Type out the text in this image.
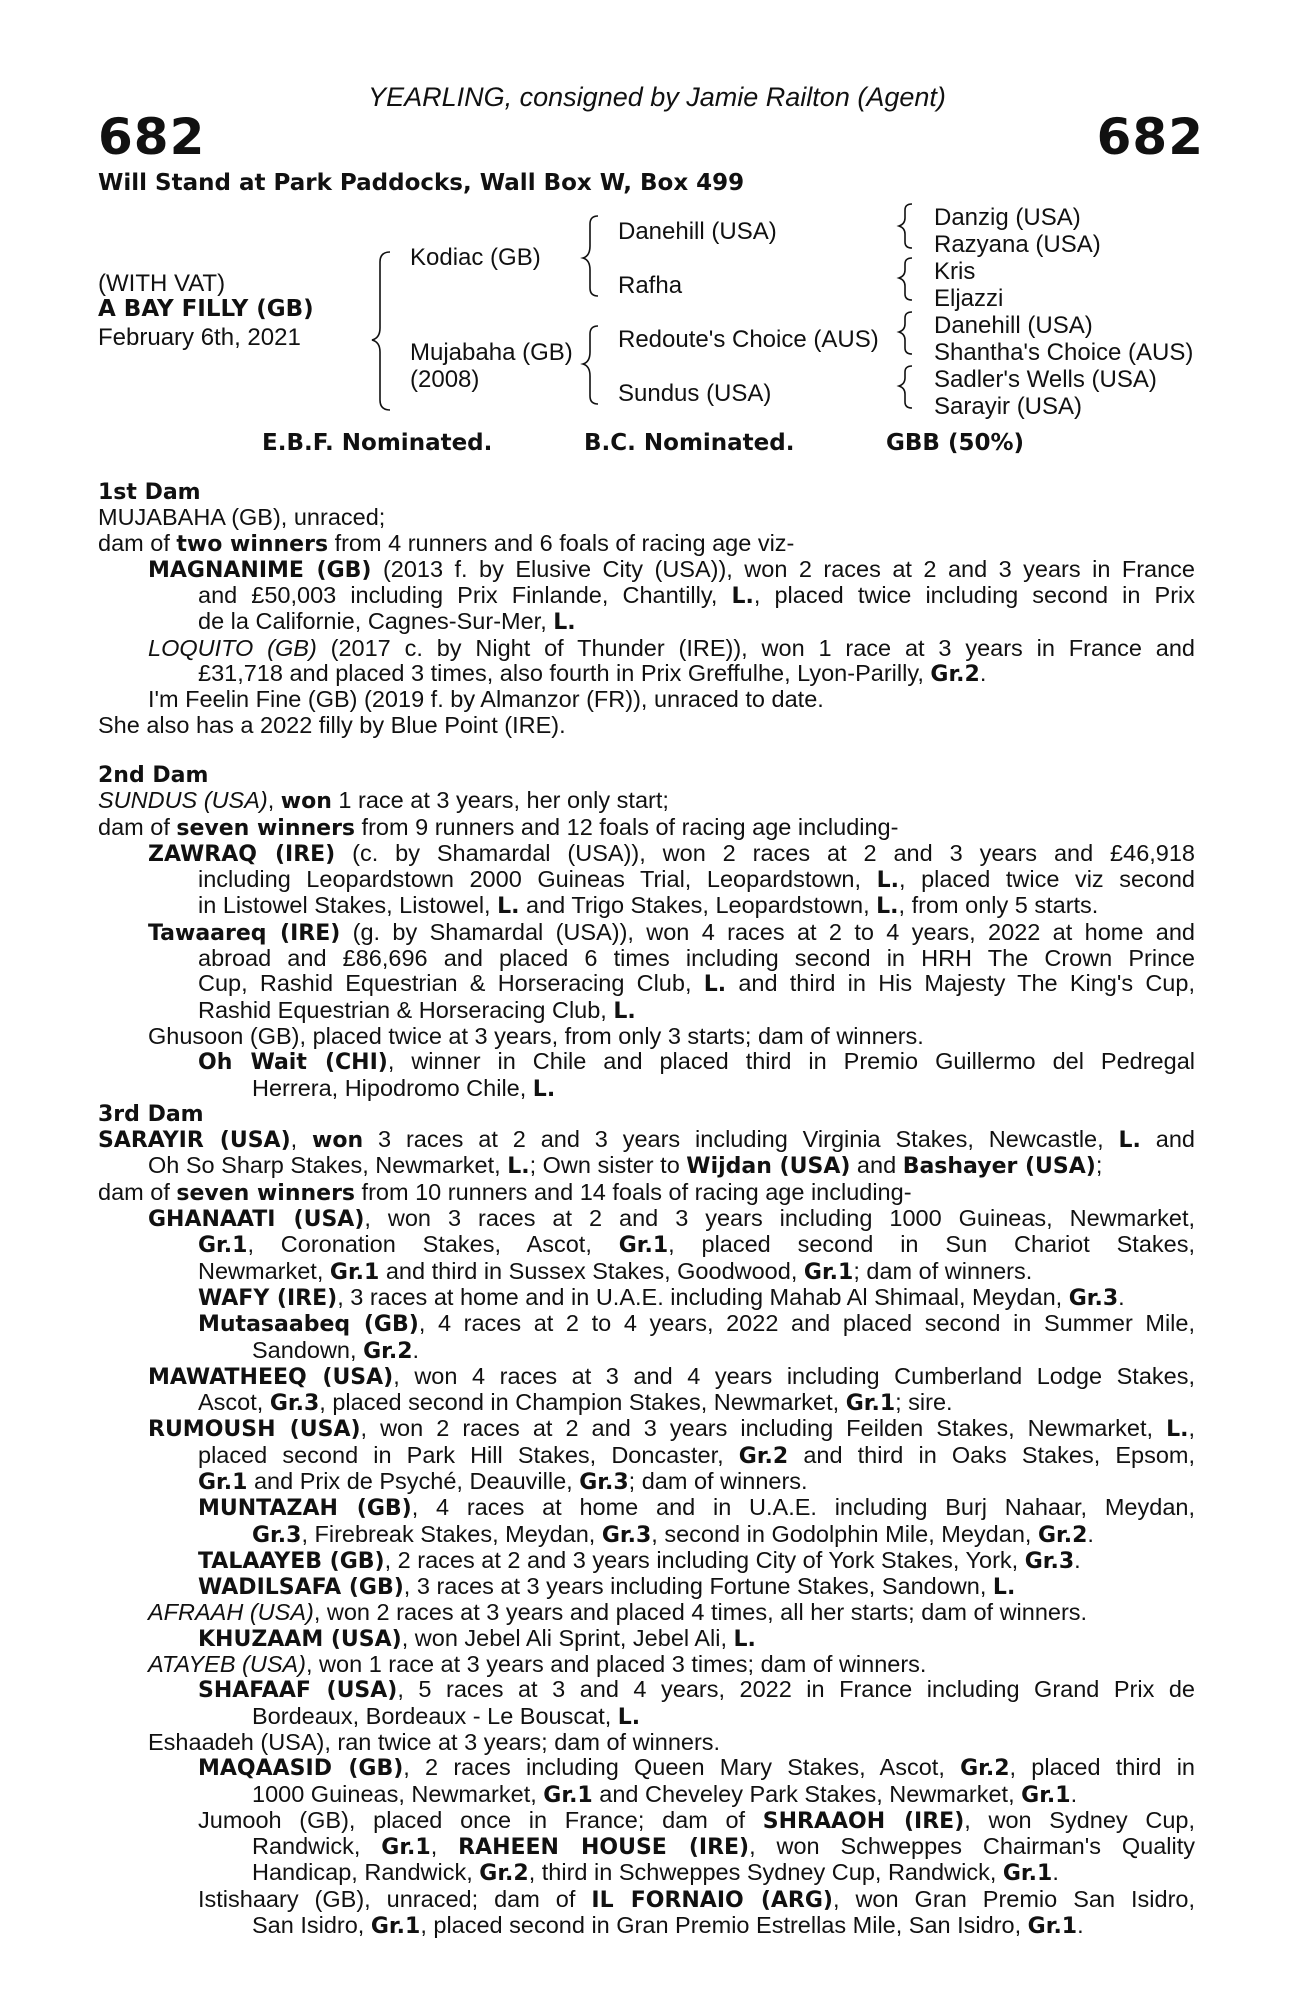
YEARLING, consigned by Jamie Railton (Agent)
682	682
Will Stand at Park Paddocks, Wall Box W, Box 499
(WITH VAT)
A BAY FILLY (GB)
February 6th, 2021
Kodiac (GB)
Mujabaha (GB)
(2008)
Danehill (USA)
Rafha
Redoute's Choice (AUS)
Sundus (USA)
Danzig (USA)
Razyana (USA)
Kris
Eljazzi
Danehill (USA)
Shantha's Choice (AUS)
Sadler's Wells (USA)
Sarayir (USA)
E.B.F. Nominated.	B.C. Nominated.	GBB (50%)
1st Dam
MUJABAHA (GB), unraced;
dam of two winners from 4 runners and 6 foals of racing age viz-
MAGNANIME (GB) (2013 f. by Elusive City (USA)), won 2 races at 2 and 3 years in France
and £50,003 including Prix Finlande, Chantilly, L., placed twice including second in Prix
de la Californie, Cagnes-Sur-Mer, L.
LOQUITO (GB) (2017 c. by Night of Thunder (IRE)), won 1 race at 3 years in France and
£31,718 and placed 3 times, also fourth in Prix Greffulhe, Lyon-Parilly, Gr.2.
I'm Feelin Fine (GB) (2019 f. by Almanzor (FR)), unraced to date.
She also has a 2022 filly by Blue Point (IRE).
2nd Dam
SUNDUS (USA), won 1 race at 3 years, her only start;
dam of seven winners from 9 runners and 12 foals of racing age including-
ZAWRAQ (IRE) (c. by Shamardal (USA)), won 2 races at 2 and 3 years and £46,918
including Leopardstown 2000 Guineas Trial, Leopardstown, L., placed twice viz second
in Listowel Stakes, Listowel, L. and Trigo Stakes, Leopardstown, L., from only 5 starts.
Tawaareq (IRE) (g. by Shamardal (USA)), won 4 races at 2 to 4 years, 2022 at home and
abroad and £86,696 and placed 6 times including second in HRH The Crown Prince
Cup, Rashid Equestrian & Horseracing Club, L. and third in His Majesty The King's Cup,
Rashid Equestrian & Horseracing Club, L.
Ghusoon (GB), placed twice at 3 years, from only 3 starts; dam of winners.
Oh Wait (CHI), winner in Chile and placed third in Premio Guillermo del Pedregal
Herrera, Hipodromo Chile, L.
3rd Dam
SARAYIR (USA), won 3 races at 2 and 3 years including Virginia Stakes, Newcastle, L. and
Oh So Sharp Stakes, Newmarket, L.; Own sister to Wijdan (USA) and Bashayer (USA);
dam of seven winners from 10 runners and 14 foals of racing age including-
GHANAATI (USA), won 3 races at 2 and 3 years including 1000 Guineas, Newmarket,
Gr.1, Coronation Stakes, Ascot, Gr.1, placed second in Sun Chariot Stakes,
Newmarket, Gr.1 and third in Sussex Stakes, Goodwood, Gr.1; dam of winners.
WAFY (IRE), 3 races at home and in U.A.E. including Mahab Al Shimaal, Meydan, Gr.3.
Mutasaabeq (GB), 4 races at 2 to 4 years, 2022 and placed second in Summer Mile,
Sandown, Gr.2.
MAWATHEEQ (USA), won 4 races at 3 and 4 years including Cumberland Lodge Stakes,
Ascot, Gr.3, placed second in Champion Stakes, Newmarket, Gr.1; sire.
RUMOUSH (USA), won 2 races at 2 and 3 years including Feilden Stakes, Newmarket, L.,
placed second in Park Hill Stakes, Doncaster, Gr.2 and third in Oaks Stakes, Epsom,
Gr.1 and Prix de Psyché, Deauville, Gr.3; dam of winners.
MUNTAZAH (GB), 4 races at home and in U.A.E. including Burj Nahaar, Meydan,
Gr.3, Firebreak Stakes, Meydan, Gr.3, second in Godolphin Mile, Meydan, Gr.2.
TALAAYEB (GB), 2 races at 2 and 3 years including City of York Stakes, York, Gr.3.
WADILSAFA (GB), 3 races at 3 years including Fortune Stakes, Sandown, L.
AFRAAH (USA), won 2 races at 3 years and placed 4 times, all her starts; dam of winners.
KHUZAAM (USA), won Jebel Ali Sprint, Jebel Ali, L.
ATAYEB (USA), won 1 race at 3 years and placed 3 times; dam of winners.
SHAFAAF (USA), 5 races at 3 and 4 years, 2022 in France including Grand Prix de
Bordeaux, Bordeaux - Le Bouscat, L.
Eshaadeh (USA), ran twice at 3 years; dam of winners.
MAQAASID (GB), 2 races including Queen Mary Stakes, Ascot, Gr.2, placed third in
1000 Guineas, Newmarket, Gr.1 and Cheveley Park Stakes, Newmarket, Gr.1.
Jumooh (GB), placed once in France; dam of SHRAAOH (IRE), won Sydney Cup,
Randwick, Gr.1, RAHEEN HOUSE (IRE), won Schweppes Chairman's Quality
Handicap, Randwick, Gr.2, third in Schweppes Sydney Cup, Randwick, Gr.1.
Istishaary (GB), unraced; dam of IL FORNAIO (ARG), won Gran Premio San Isidro,
San Isidro, Gr.1, placed second in Gran Premio Estrellas Mile, San Isidro, Gr.1.
